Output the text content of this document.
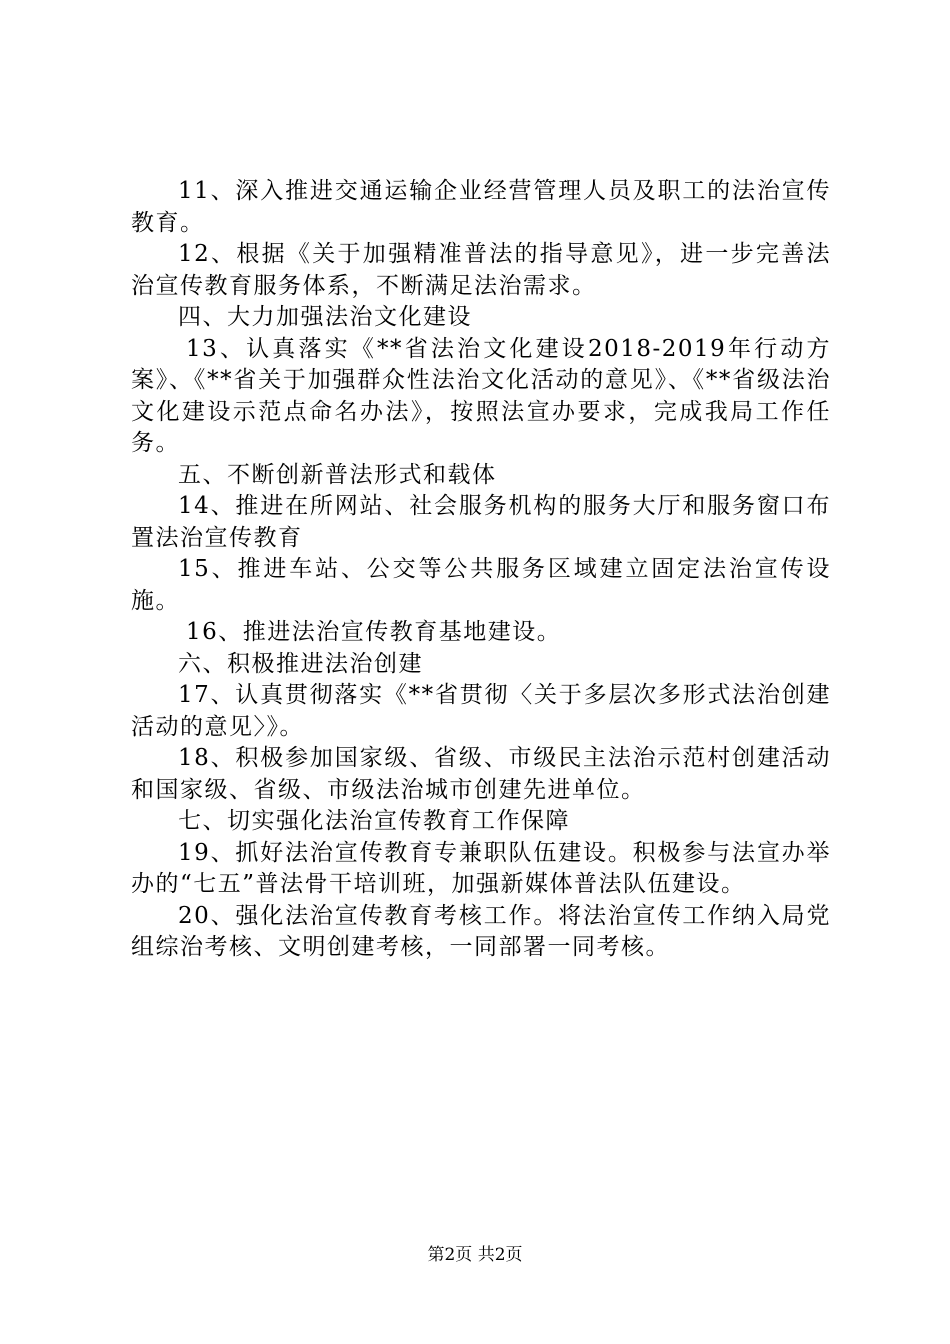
11、深入推进交通运输企业经营管理人员及职工的法治宣传教育。

12、根据《关于加强精准普法的指导意见》，进一步完善法治宣传教育服务体系，不断满足法治需求。

四、大力加强法治文化建设

13、认真落实《**省法治文化建设2018-2019年行动方案》、《**省关于加强群众性法治文化活动的意见》、《**省级法治文化建设示范点命名办法》，按照法宣办要求，完成我局工作任务。

五、不断创新普法形式和载体

14、推进在所网站、社会服务机构的服务大厅和服务窗口布置法治宣传教育

15、推进车站、公交等公共服务区域建立固定法治宣传设施。

16、推进法治宣传教育基地建设。

六、积极推进法治创建

17、认真贯彻落实《**省贯彻〈关于多层次多形式法治创建活动的意见〉》。

18、积极参加国家级、省级、市级民主法治示范村创建活动和国家级、省级、市级法治城市创建先进单位。

七、切实强化法治宣传教育工作保障

19、抓好法治宣传教育专兼职队伍建设。积极参与法宣办举办的“七五”普法骨干培训班，加强新媒体普法队伍建设。

20、强化法治宣传教育考核工作。将法治宣传工作纳入局党组综治考核、文明创建考核，一同部署一同考核。

第2页 共2页
